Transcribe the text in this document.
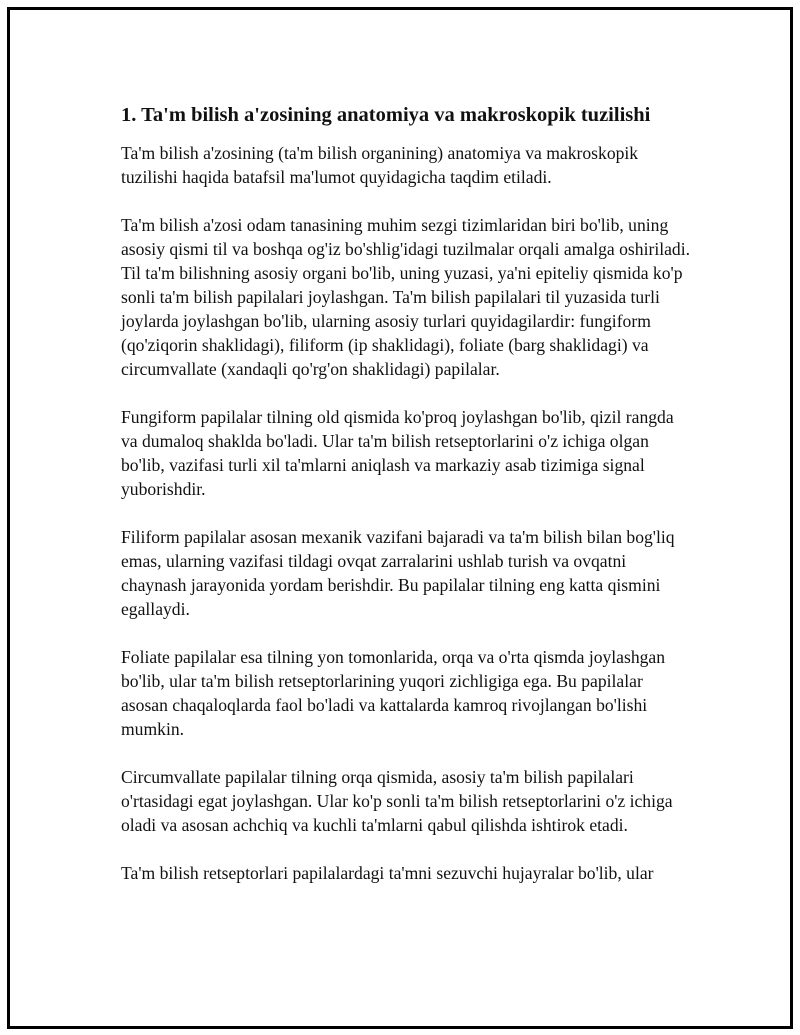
1. Ta'm bilish a'zosining anatomiya va makroskopik tuzilishi

Ta'm bilish a'zosining (ta'm bilish organining) anatomiya va makroskopik tuzilishi haqida batafsil ma'lumot quyidagicha taqdim etiladi.

Ta'm bilish a'zosi odam tanasining muhim sezgi tizimlaridan biri bo'lib, uning asosiy qismi til va boshqa og'iz bo'shlig'idagi tuzilmalar orqali amalga oshiriladi. Til ta'm bilishning asosiy organi bo'lib, uning yuzasi, ya'ni epiteliy qismida ko'p sonli ta'm bilish papilalari joylashgan. Ta'm bilish papilalari til yuzasida turli joylarda joylashgan bo'lib, ularning asosiy turlari quyidagilardir: fungiform (qo'ziqorin shaklidagi), filiform (ip shaklidagi), foliate (barg shaklidagi) va circumvallate (xandaqli qo'rg'on shaklidagi) papilalar.

Fungiform papilalar tilning old qismida ko'proq joylashgan bo'lib, qizil rangda va dumaloq shaklda bo'ladi. Ular ta'm bilish retseptorlarini o'z ichiga olgan bo'lib, vazifasi turli xil ta'mlarni aniqlash va markaziy asab tizimiga signal yuborishdir.

Filiform papilalar asosan mexanik vazifani bajaradi va ta'm bilish bilan bog'liq emas, ularning vazifasi tildagi ovqat zarralarini ushlab turish va ovqatni chaynash jarayonida yordam berishdir. Bu papilalar tilning eng katta qismini egallaydi.

Foliate papilalar esa tilning yon tomonlarida, orqa va o'rta qismda joylashgan bo'lib, ular ta'm bilish retseptorlarining yuqori zichligiga ega. Bu papilalar asosan chaqaloqlarda faol bo'ladi va kattalarda kamroq rivojlangan bo'lishi mumkin.

Circumvallate papilalar tilning orqa qismida, asosiy ta'm bilish papilalari o'rtasidagi egat joylashgan. Ular ko'p sonli ta'm bilish retseptorlarini o'z ichiga oladi va asosan achchiq va kuchli ta'mlarni qabul qilishda ishtirok etadi.

Ta'm bilish retseptorlari papilalardagi ta'mni sezuvchi hujayralar bo'lib, ular
